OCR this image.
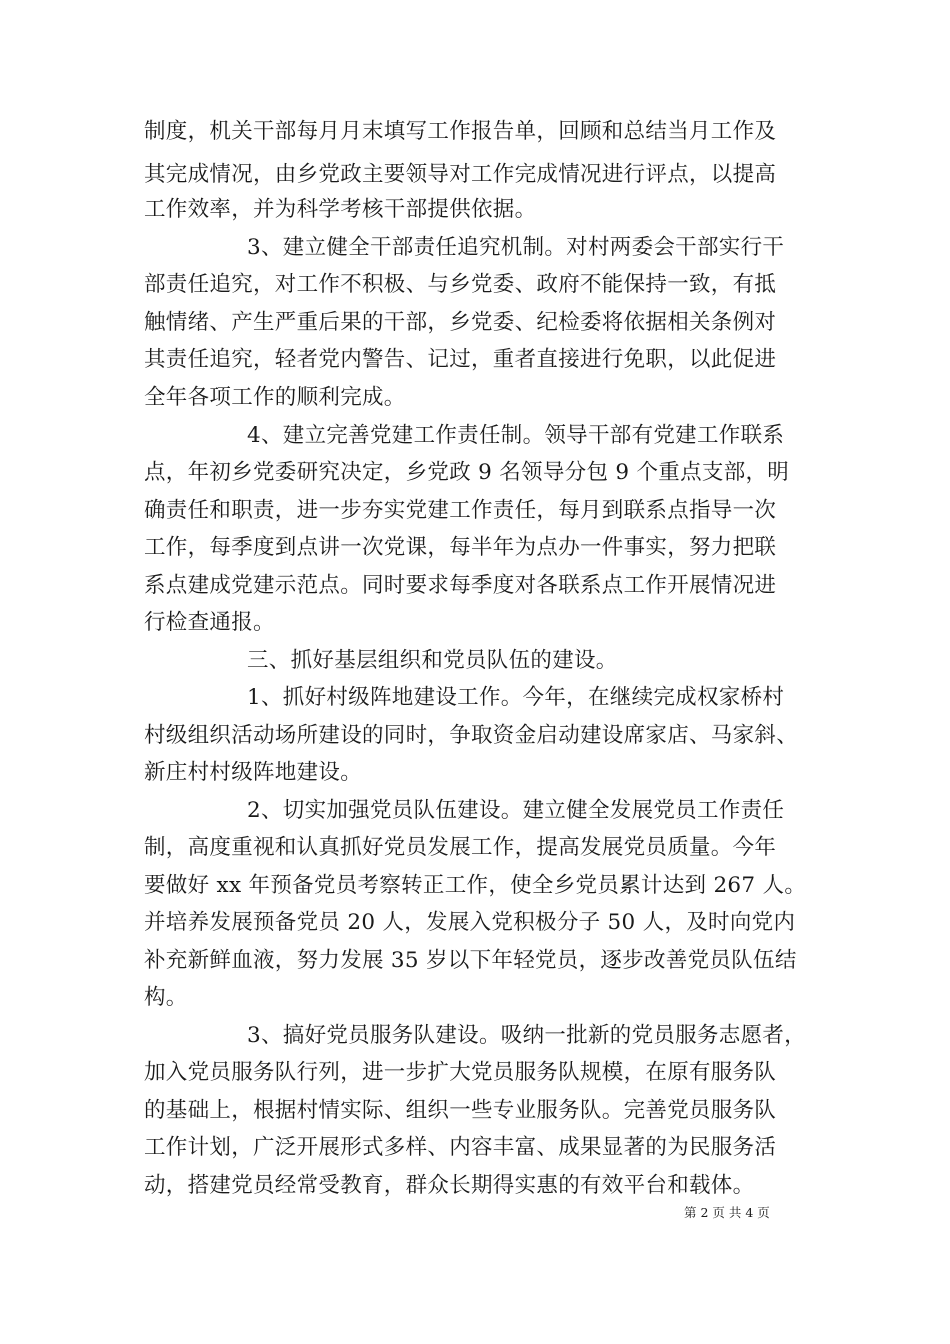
制度，机关干部每月月末填写工作报告单，回顾和总结当月工作及
其完成情况，由乡党政主要领导对工作完成情况进行评点，以提高
工作效率，并为科学考核干部提供依据。
3、建立健全干部责任追究机制。对村两委会干部实行干
部责任追究，对工作不积极、与乡党委、政府不能保持一致，有抵
触情绪、产生严重后果的干部，乡党委、纪检委将依据相关条例对
其责任追究，轻者党内警告、记过，重者直接进行免职，以此促进
全年各项工作的顺利完成。
4、建立完善党建工作责任制。领导干部有党建工作联系
点，年初乡党委研究决定，乡党政 9 名领导分包 9 个重点支部，明
确责任和职责，进一步夯实党建工作责任，每月到联系点指导一次
工作，每季度到点讲一次党课，每半年为点办一件事实，努力把联
系点建成党建示范点。同时要求每季度对各联系点工作开展情况进
行检查通报。
三、抓好基层组织和党员队伍的建设。
1、抓好村级阵地建设工作。今年，在继续完成权家桥村
村级组织活动场所建设的同时，争取资金启动建设席家店、马家斜、
新庄村村级阵地建设。
2、切实加强党员队伍建设。建立健全发展党员工作责任
制，高度重视和认真抓好党员发展工作，提高发展党员质量。今年
要做好 xx 年预备党员考察转正工作，使全乡党员累计达到 267 人。
并培养发展预备党员 20 人，发展入党积极分子 50 人，及时向党内
补充新鲜血液，努力发展 35 岁以下年轻党员，逐步改善党员队伍结
构。
3、搞好党员服务队建设。吸纳一批新的党员服务志愿者，
加入党员服务队行列，进一步扩大党员服务队规模，在原有服务队
的基础上，根据村情实际、组织一些专业服务队。完善党员服务队
工作计划，广泛开展形式多样、内容丰富、成果显著的为民服务活
动，搭建党员经常受教育，群众长期得实惠的有效平台和载体。
第 2 页 共 4 页
